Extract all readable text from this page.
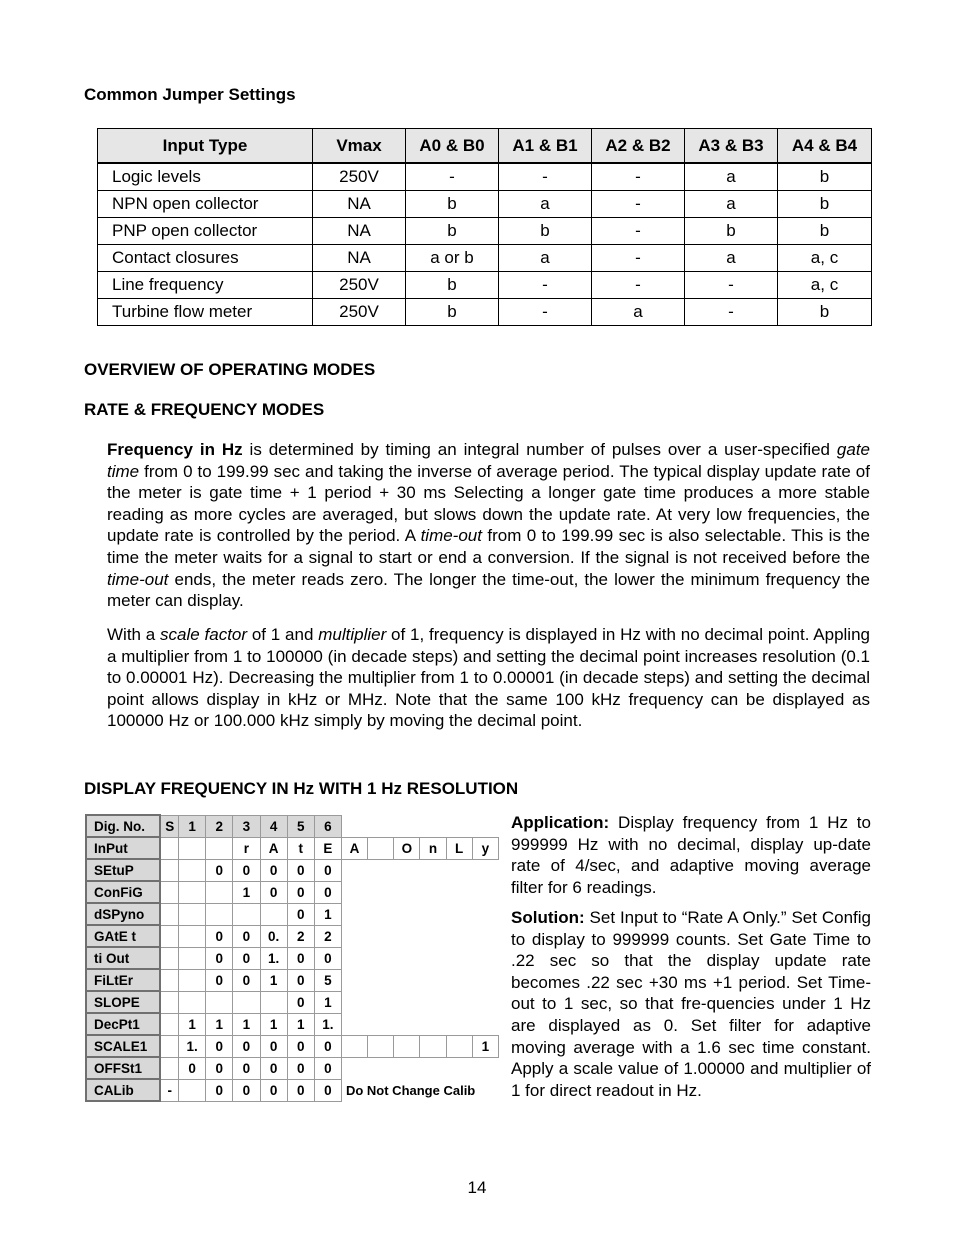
Common Jumper Settings
Input Type	Vmax	A0 & B0	A1 & B1	A2 & B2	A3 & B3	A4 & B4
Logic levels	250V	-	-	-	a	b
NPN open collector	NA	b	a	-	a	b
PNP open collector	NA	b	b	-	b	b
Contact closures	NA	a or b	a	-	a	a, c
Line frequency	250V	b	-	-	-	a, c
Turbine flow meter	250V	b	-	a	-	b
OVERVIEW OF OPERATING MODES
RATE & FREQUENCY MODES
Frequency in Hz is determined by timing an integral number of pulses over a user-specified gate time from 0 to 199.99 sec and taking the inverse of average period. The typical display update rate of the meter is gate time + 1 period + 30 ms Selecting a longer gate time produces a more stable reading as more cycles are averaged, but slows down the update rate. At very low frequencies, the update rate is controlled by the period. A time-out from 0 to 199.99 sec is also selectable. This is the time the meter waits for a signal to start or end a conversion. If the signal is not received before the time-out ends, the meter reads zero. The longer the time-out, the lower the minimum frequency the meter can display.
With a scale factor of 1 and multiplier of 1, frequency is displayed in Hz with no decimal point. Appling a multiplier from 1 to 100000 (in decade steps) and setting the decimal point increases resolution (0.1 to 0.00001 Hz). Decreasing the multiplier from 1 to 0.00001 (in decade steps) and setting the decimal point allows display in kHz or MHz. Note that the same 100 kHz frequency can be displayed as 100000 Hz or 100.000 kHz simply by moving the decimal point.
DISPLAY FREQUENCY IN Hz WITH 1 Hz RESOLUTION
Dig. No.	S	1	2	3	4	5	6						
InPut				r	A	t	E	A		O	n	L	y
SEtuP			0	0	0	0	0						
ConFiG				1	0	0	0						
dSPyno						0	1						
GAtE t			0	0	0.	2	2						
ti Out			0	0	1.	0	0						
FiLtEr			0	0	1	0	5						
SLOPE						0	1						
DecPt1		1	1	1	1	1	1.						
SCALE1		1.	0	0	0	0	0						1
OFFSt1		0	0	0	0	0	0						
CALib	-		0	0	0	0	0	Do Not Change Calib					
Application: Display frequency from 1 Hz to 999999 Hz with no decimal, display up-date rate of 4/sec, and adaptive moving average filter for 6 readings.
Solution: Set Input to “Rate A Only.” Set Config to display to 999999 counts. Set Gate Time to .22 sec so that the display update rate becomes .22 sec +30 ms +1 period. Set Time-out to 1 sec, so that fre-quencies under 1 Hz are displayed as 0. Set filter for adaptive moving average with a 1.6 sec time constant. Apply a scale value of 1.00000 and multiplier of 1 for direct readout in Hz.
14
